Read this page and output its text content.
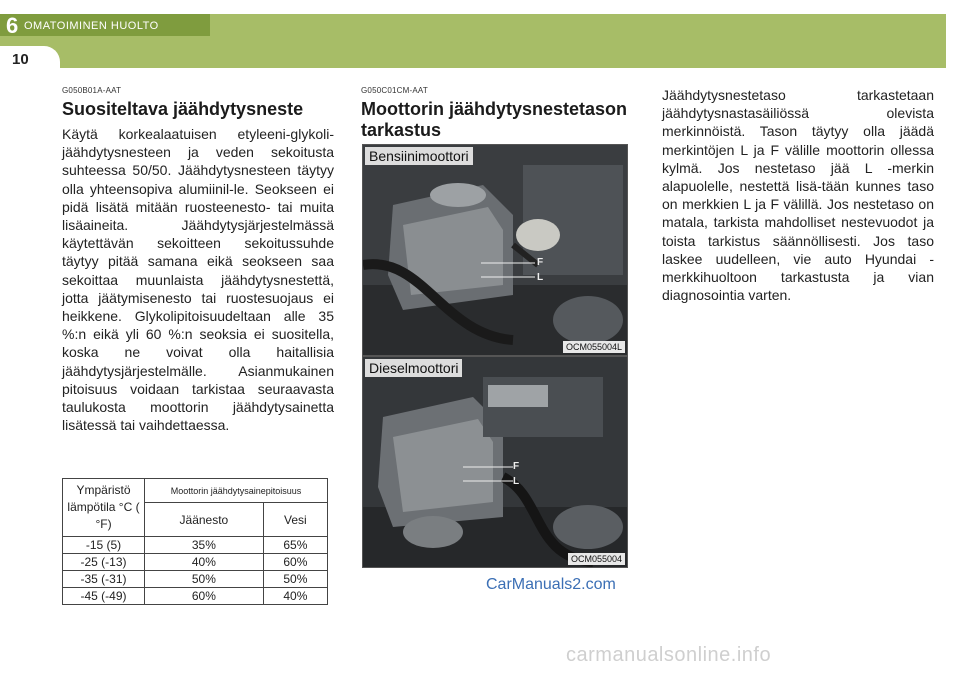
6 OMATOIMINEN HUOLTO
10
G050B01A-AAT
Suositeltava jäähdytysneste
Käytä korkealaatuisen etyleeni-glykoli-jäähdytysnesteen ja veden sekoitusta suhteessa 50/50. Jäähdytysnesteen täytyy olla yhteensopiva alumiinil-le. Seokseen ei pidä lisätä mitään ruosteenesto- tai muita lisäaineita. Jäähdytysjärjestelmässä käytettävän sekoitteen sekoitussuhde täytyy pitää samana eikä seokseen saa sekoittaa muunlaista jäähdytysnestettä, jotta jäätymisenesto tai ruostesuojaus ei heikkene. Glykolipitoisuudeltaan alle 35 %:n eikä yli 60 %:n seoksia ei suositella, koska ne voivat olla haitallisia jäähdytysjärjestelmälle. Asianmukainen pitoisuus voidaan tarkistaa seuraavasta taulukosta moottorin jäähdytysainetta lisätessä tai vaihdettaessa.
Ympäristö lämpötila °C ( °F)	Moottorin jäähdytysainepitoisuus	
	Jäänesto	Vesi
-15 (5)	35%	65%
-25 (-13)	40%	60%
-35 (-31)	50%	50%
-45 (-49)	60%	40%
G050C01CM-AAT
Moottorin jäähdytysnestetason tarkastus
Bensiinimoottori
F
L
OCM055004L
Dieselmoottori
F
L
OCM055004
Jäähdytysnestetaso tarkastetaan jäähdytysnastasäiliössä olevista merkinnöistä. Tason täytyy olla jäädä merkintöjen L ja F välille moottorin ollessa kylmä. Jos nestetaso jää L -merkin alapuolelle, nestettä lisä-tään kunnes taso on merkkien L ja F välillä. Jos nestetaso on matala, tarkista mahdolliset nestevuodot ja toista tarkistus säännöllisesti. Jos taso laskee uudelleen, vie auto Hyundai -merkkihuoltoon tarkastusta ja vian diagnosointia varten.
CarManuals2.com
carmanualsonline.info
